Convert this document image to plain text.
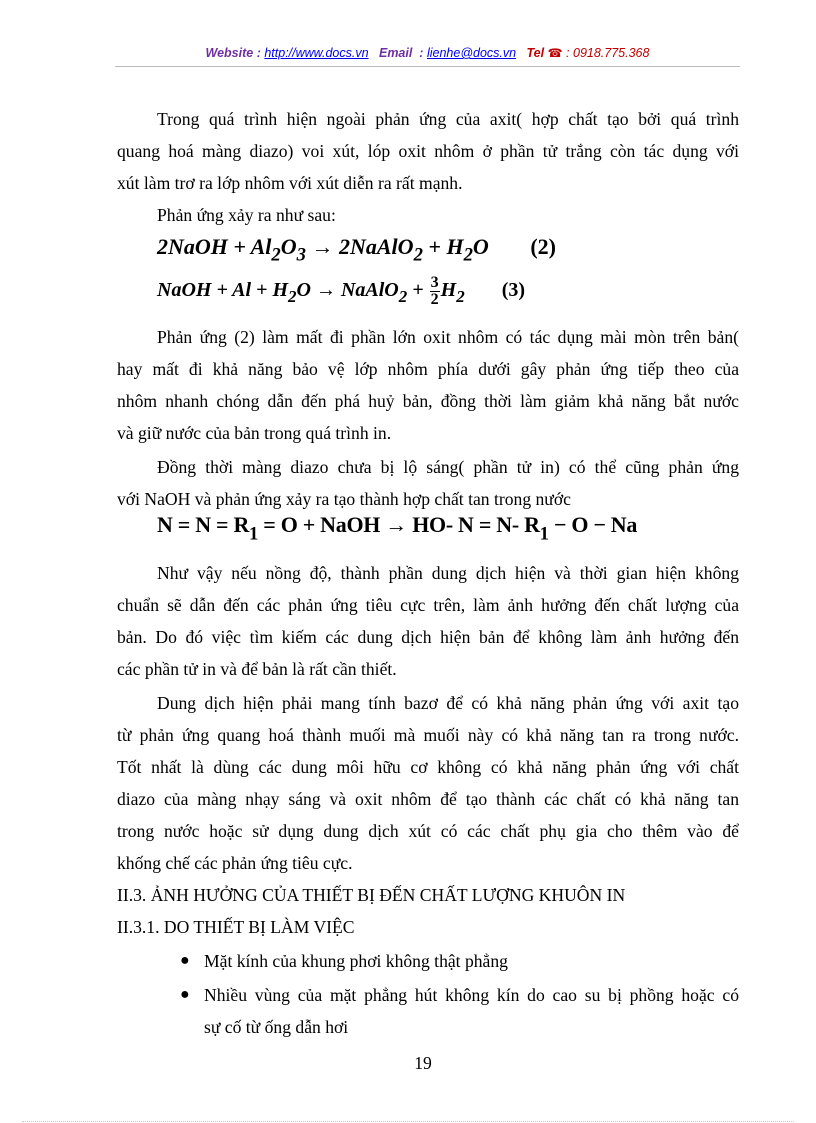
Website : http://www.docs.vn Email : lienhe@docs.vn Tel ☎ : 0918.775.368

Trong quá trình hiện ngoài phản ứng của axit( hợp chất tạo bởi quá trình

quang hoá màng diazo) voi xút, lóp oxit nhôm ở phần tử trắng còn tác dụng với

xút làm trơ ra lớp nhôm với xút diễn ra rất mạnh.

Phản ứng xảy ra như sau:

2NaOH + $Al_2O_3$ → 2NaAlO$_2$ + $H_2O$ (2)
NaOH + $Al + H_2O$ → NaAlO$_2$ + $\frac{3}{2} H_2$ (3)

Phản ứng (2) làm mất đi phần lớn oxit nhôm có tác dụng mài mòn trên bản(

hay mất đi khả năng bảo vệ lớp nhôm phía dưới gây phản ứng tiếp theo của

nhôm nhanh chóng dẫn đến phá huỷ bản, đồng thời làm giảm khả năng bắt nước

và giữ nước của bản trong quá trình in.

Đồng thời màng diazo chưa bị lộ sáng( phần tử in) có thể cũng phản ứng

với NaOH và phản ứng xảy ra tạo thành hợp chất tan trong nước

$N = N = R_1 = O$ + NaOH → HO- N = N- $R_1 - O - Na$

Như vậy nếu nồng độ, thành phần dung dịch hiện và thời gian hiện không

chuẩn sẽ dẫn đến các phản ứng tiêu cực trên, làm ảnh hưởng đến chất lượng của

bản. Do đó việc tìm kiếm các dung dịch hiện bản để không làm ảnh hưởng đến

các phần tử in và để bản là rất cần thiết.

Dung dịch hiện phải mang tính bazơ để có khả năng phản ứng với axit tạo

từ phản ứng quang hoá thành muối mà muối này có khả năng tan ra trong nước.

Tốt nhất là dùng các dung môi hữu cơ không có khả năng phản ứng với chất

diazo của màng nhạy sáng và oxit nhôm để tạo thành các chất có khả năng tan

trong nước hoặc sử dụng dung dịch xút có các chất phụ gia cho thêm vào để

khống chế các phản ứng tiêu cực.

II.3. ẢNH HƯỞNG CỦA THIẾT BỊ ĐẾN CHẤT LƯỢNG KHUÔN IN
II.3.1. DO THIẾT BỊ LÀM VIỆC
● Mặt kính của khung phơi không thật phẳng
● Nhiều vùng của mặt phẳng hút không kín do cao su bị phồng hoặc có
sự cố từ ống dẫn hơi
19
